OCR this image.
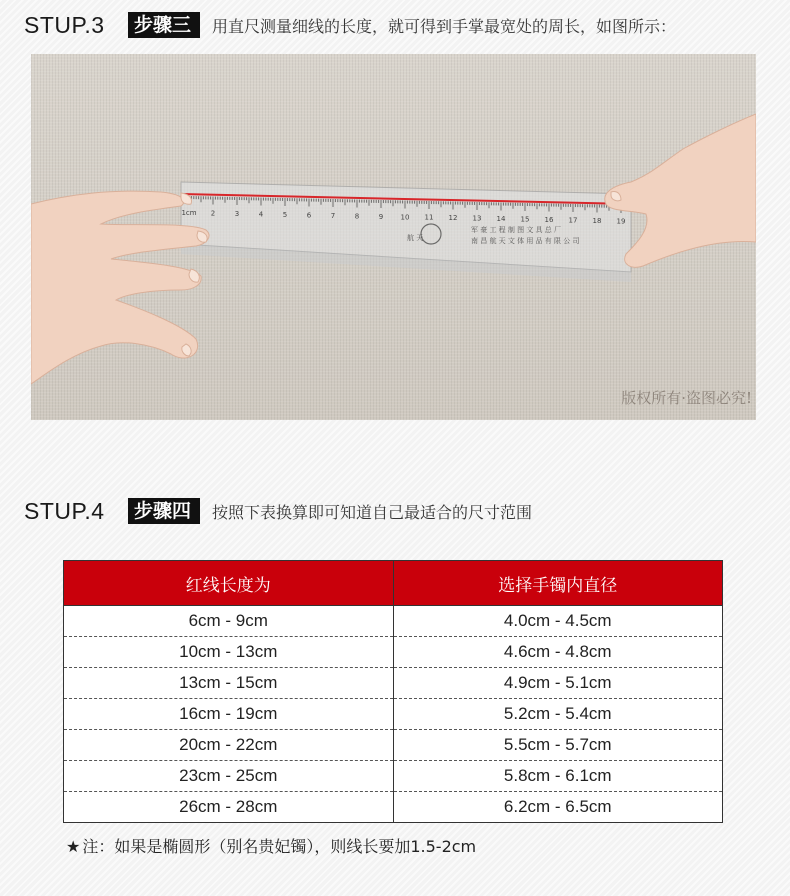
STUP.3	步骤三	用直尺测量细线的长度，就可得到手掌最宽处的周长，如图所示：
1cm 2	3	4	5	6	7	8	9 10 11 12 13 14 15 16 17 18 19
航 天
军 豪 工 程 制 图 文 具 总 厂
南 昌 航 天 文 体 用 品 有 限 公 司
版权所有·盗图必究!
STUP.4	步骤四	按照下表换算即可知道自己最适合的尺寸范围
红线长度为	选择手镯内直径
6cm - 9cm	4.0cm - 4.5cm
10cm - 13cm	4.6cm - 4.8cm
13cm - 15cm	4.9cm - 5.1cm
16cm - 19cm	5.2cm - 5.4cm
20cm - 22cm	5.5cm - 5.7cm
23cm - 25cm	5.8cm - 6.1cm
26cm - 28cm	6.2cm - 6.5cm
★ 注：如果是椭圆形（别名贵妃镯），则线长要加1.5-2cm
